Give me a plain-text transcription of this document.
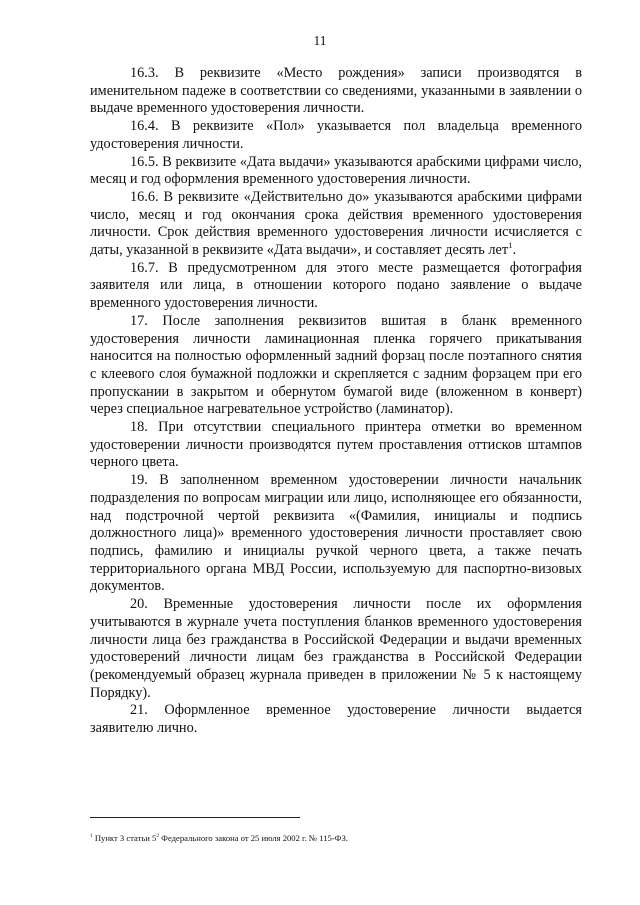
11

16.3. В реквизите «Место рождения» записи производятся в именительном падеже в соответствии со сведениями, указанными в заявлении о выдаче временного удостоверения личности.

16.4. В реквизите «Пол» указывается пол владельца временного удостоверения личности.

16.5. В реквизите «Дата выдачи» указываются арабскими цифрами число, месяц и год оформления временного удостоверения личности.

16.6. В реквизите «Действительно до» указываются арабскими цифрами число, месяц и год окончания срока действия временного удостоверения личности. Срок действия временного удостоверения личности исчисляется с даты, указанной в реквизите «Дата выдачи», и составляет десять лет$^1$.

16.7. В предусмотренном для этого месте размещается фотография заявителя или лица, в отношении которого подано заявление о выдаче временного удостоверения личности.

17. После заполнения реквизитов вшитая в бланк временного удостоверения личности ламинационная пленка горячего прикатывания наносится на полностью оформленный задний форзац после поэтапного снятия с клеевого слоя бумажной подложки и скрепляется с задним форзацем при его пропускании в закрытом и обернутом бумагой виде (вложенном в конверт) через специальное нагревательное устройство (ламинатор).

18. При отсутствии специального принтера отметки во временном удостоверении личности производятся путем проставления оттисков штампов черного цвета.

19. В заполненном временном удостоверении личности начальник подразделения по вопросам миграции или лицо, исполняющее его обязанности, над подстрочной чертой реквизита «(Фамилия, инициалы и подпись должностного лица)» временного удостоверения личности проставляет свою подпись, фамилию и инициалы ручкой черного цвета, а также печать территориального органа МВД России, используемую для паспортно-визовых документов.

20. Временные удостоверения личности после их оформления учитываются в журнале учета поступления бланков временного удостоверения личности лица без гражданства в Российской Федерации и выдачи временных удостоверений личности лицам без гражданства в Российской Федерации (рекомендуемый образец журнала приведен в приложении № 5 к настоящему Порядку).

21. Оформленное временное удостоверение личности выдается заявителю лично.

$^1$ Пункт 3 статьи $5^2$ Федерального закона от 25 июля 2002 г. № 115-ФЗ.
